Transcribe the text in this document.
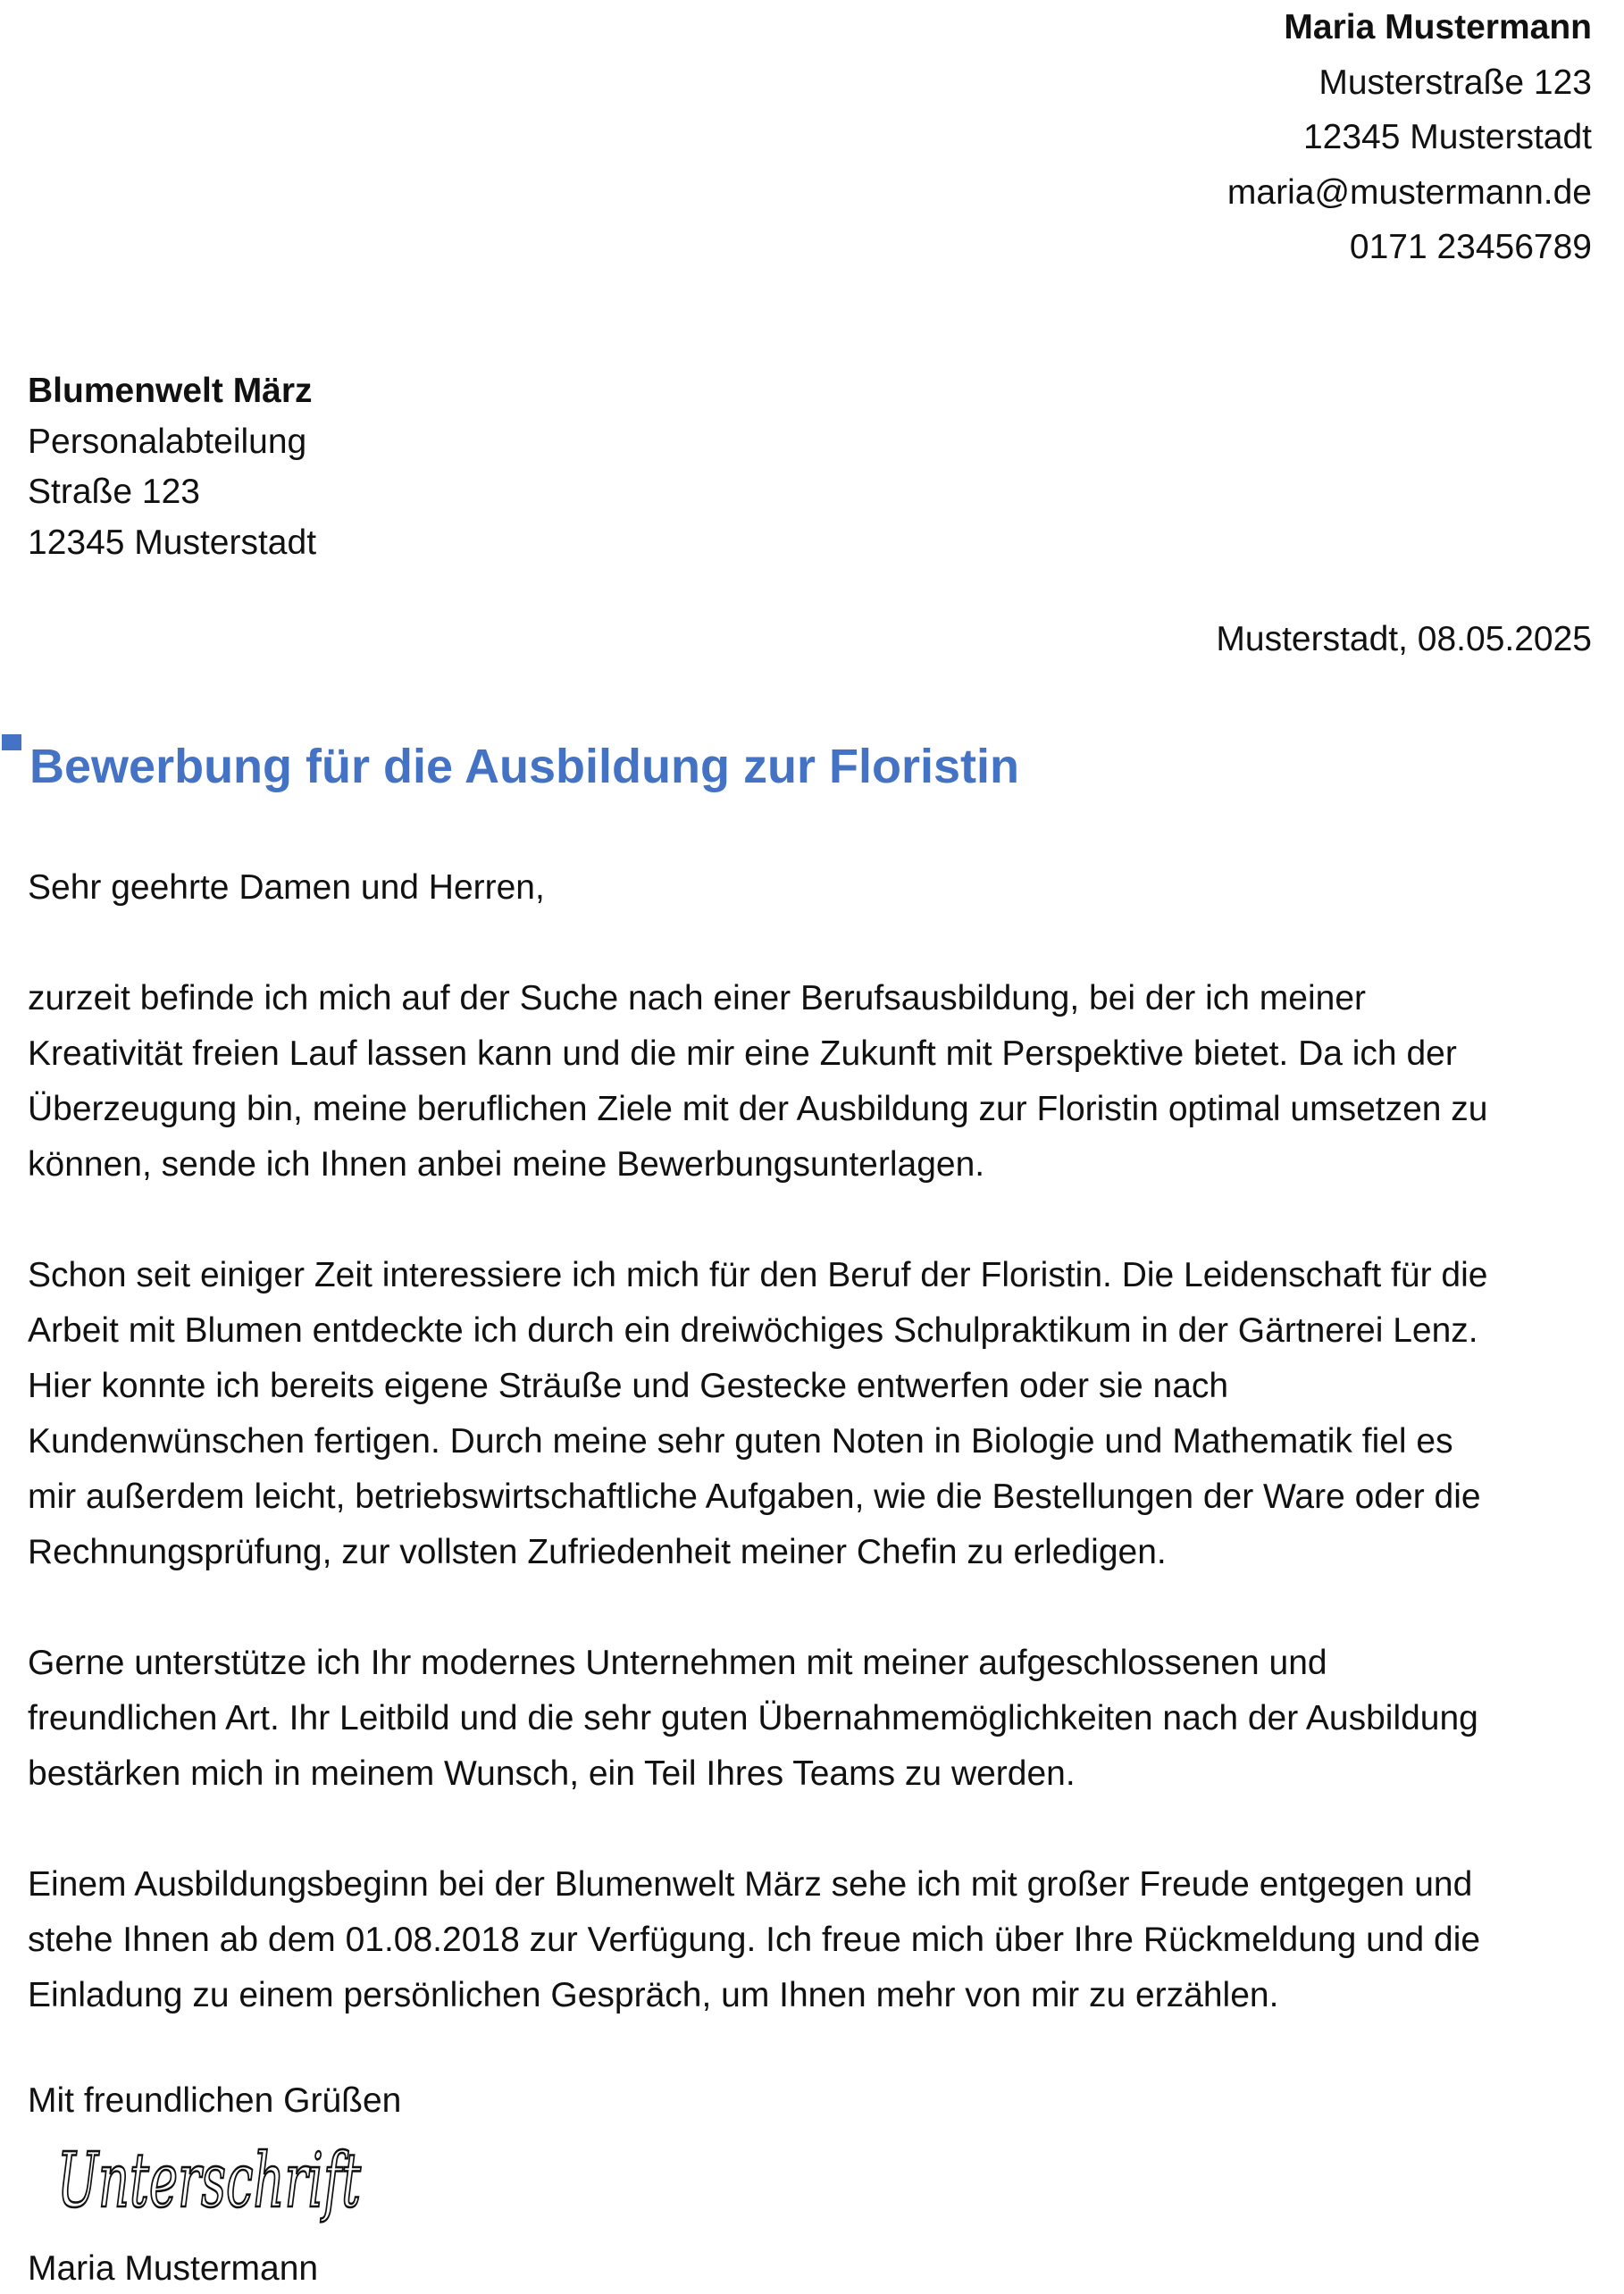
Maria Mustermann
Musterstraße 123
12345 Musterstadt
maria@mustermann.de
0171 23456789
Blumenwelt März
Personalabteilung
Straße 123
12345 Musterstadt
Musterstadt, 08.05.2025
Bewerbung für die Ausbildung zur Floristin

Sehr geehrte Damen und Herren,

zurzeit befinde ich mich auf der Suche nach einer Berufsausbildung, bei der ich meiner
Kreativität freien Lauf lassen kann und die mir eine Zukunft mit Perspektive bietet. Da ich der
Überzeugung bin, meine beruflichen Ziele mit der Ausbildung zur Floristin optimal umsetzen zu
können, sende ich Ihnen anbei meine Bewerbungsunterlagen.

Schon seit einiger Zeit interessiere ich mich für den Beruf der Floristin. Die Leidenschaft für die
Arbeit mit Blumen entdeckte ich durch ein dreiwöchiges Schulpraktikum in der Gärtnerei Lenz.
Hier konnte ich bereits eigene Sträuße und Gestecke entwerfen oder sie nach
Kundenwünschen fertigen. Durch meine sehr guten Noten in Biologie und Mathematik fiel es
mir außerdem leicht, betriebswirtschaftliche Aufgaben, wie die Bestellungen der Ware oder die
Rechnungsprüfung, zur vollsten Zufriedenheit meiner Chefin zu erledigen.

Gerne unterstütze ich Ihr modernes Unternehmen mit meiner aufgeschlossenen und
freundlichen Art. Ihr Leitbild und die sehr guten Übernahmemöglichkeiten nach der Ausbildung
bestärken mich in meinem Wunsch, ein Teil Ihres Teams zu werden.

Einem Ausbildungsbeginn bei der Blumenwelt März sehe ich mit großer Freude entgegen und
stehe Ihnen ab dem 01.08.2018 zur Verfügung. Ich freue mich über Ihre Rückmeldung und die
Einladung zu einem persönlichen Gespräch, um Ihnen mehr von mir zu erzählen.

Mit freundlichen Grüßen
Unterschrift
Maria Mustermann
